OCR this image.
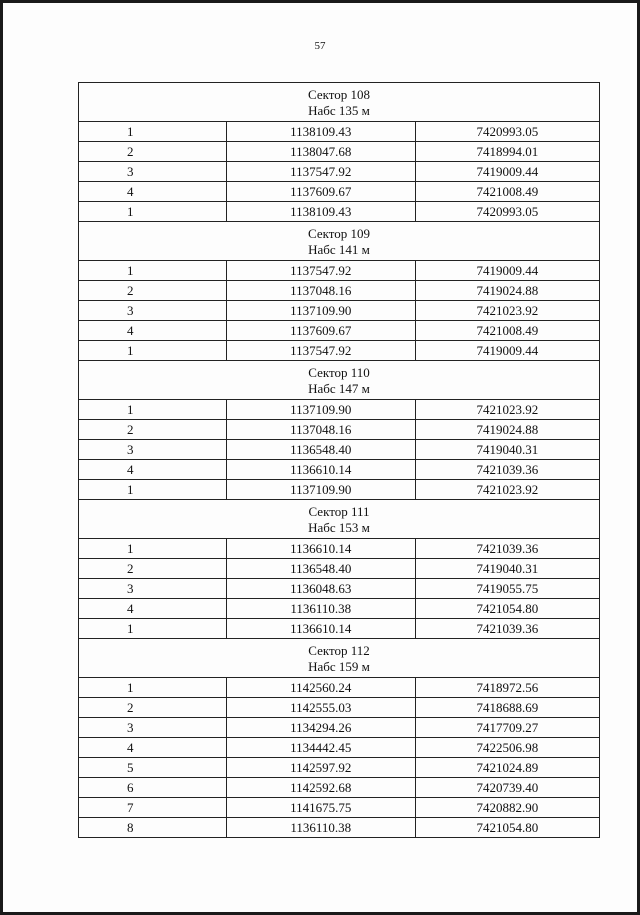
57
Сектор 108
Набс 135 м		

1	1138109.43	7420993.05
2	1138047.68	7418994.01
3	1137547.92	7419009.44
4	1137609.67	7421008.49
1	1138109.43	7420993.05

Сектор 109
Набс 141 м		

1	1137547.92	7419009.44
2	1137048.16	7419024.88
3	1137109.90	7421023.92
4	1137609.67	7421008.49
1	1137547.92	7419009.44

Сектор 110
Набс 147 м		

1	1137109.90	7421023.92
2	1137048.16	7419024.88
3	1136548.40	7419040.31
4	1136610.14	7421039.36
1	1137109.90	7421023.92

Сектор 111
Набс 153 м		

1	1136610.14	7421039.36
2	1136548.40	7419040.31
3	1136048.63	7419055.75
4	1136110.38	7421054.80
1	1136610.14	7421039.36

Сектор 112
Набс 159 м		

1	1142560.24	7418972.56
2	1142555.03	7418688.69
3	1134294.26	7417709.27
4	1134442.45	7422506.98
5	1142597.92	7421024.89
6	1142592.68	7420739.40
7	1141675.75	7420882.90
8	1136110.38	7421054.80
